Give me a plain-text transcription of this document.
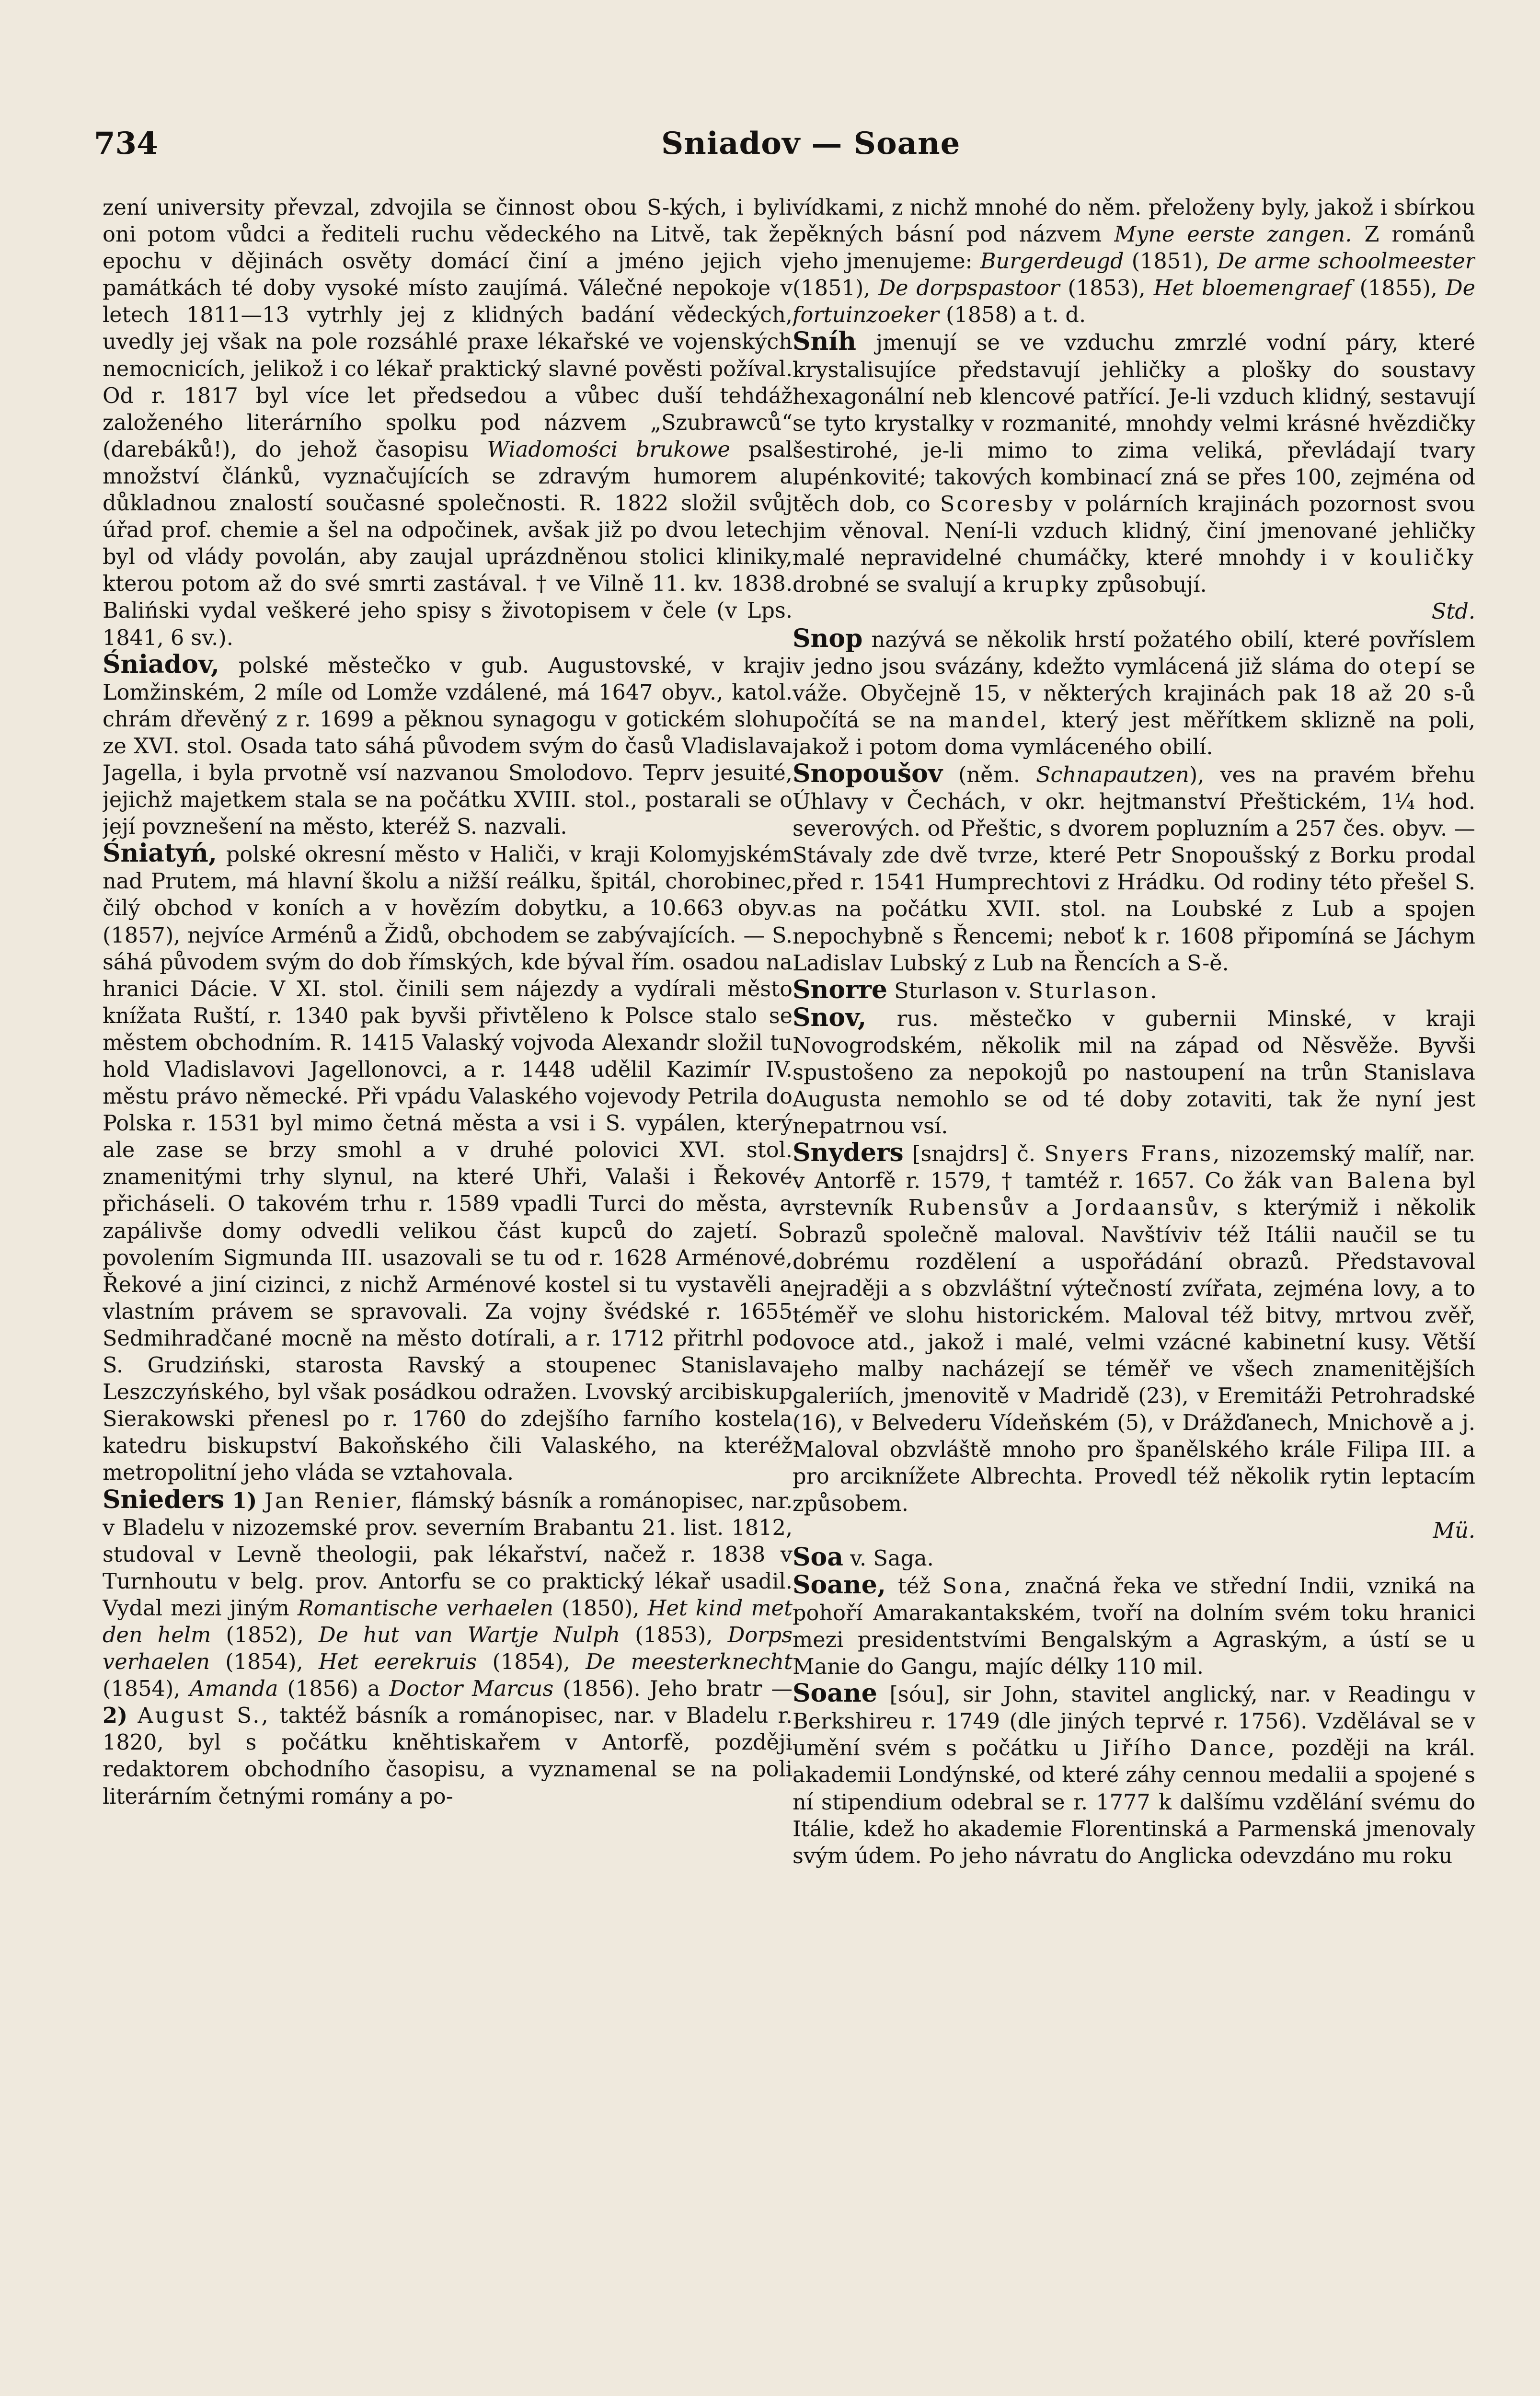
734	Sniadov — Soane

zení university převzal, zdvojila se činnost obou S-kých, i byli oni potom vůdci a řediteli ruchu vědeckého na Litvě, tak že epochu v dějinách osvěty domácí činí a jméno jejich v památkách té doby vysoké místo zaujímá. Válečné nepokoje v letech 1811—13 vytrhly jej z klidných badání vědeckých, uvedly jej však na pole rozsáhlé praxe lékařské ve vojenských nemocnicích, jelikož i co lékař praktický slavné pověsti požíval. Od r. 1817 byl více let předsedou a vůbec duší tehdáž založeného literárního spolku pod názvem „Szubrawců“ (darebáků!), do jehož časopisu Wiadomości brukowe psal množství článků, vyznačujících se zdravým humorem a důkladnou znalostí současné společnosti. R. 1822 složil svůj úřad prof. chemie a šel na odpočinek, avšak již po dvou letech byl od vlády povolán, aby zaujal uprázdněnou stolici kliniky, kterou potom až do své smrti zastával. † ve Vilně 11. kv. 1838. Baliński vydal veškeré jeho spisy s životopisem v čele (v Lps. 1841, 6 sv.).

Śniadov, polské městečko v gub. Augustovské, v kraji Lomžinském, 2 míle od Lomže vzdálené, má 1647 obyv., katol. chrám dřevěný z r. 1699 a pěknou synagogu v gotickém slohu ze XVI. stol. Osada tato sáhá původem svým do časů Vladislava Jagella, i byla prvotně vsí nazvanou Smolodovo. Teprv jesuité, jejichž majetkem stala se na počátku XVIII. stol., postarali se o její povznešení na město, kteréž S. nazvali.

Śniatyń, polské okresní město v Haliči, v kraji Kolomyjském nad Prutem, má hlavní školu a nižší reálku, špitál, chorobinec, čilý obchod v koních a v hovězím dobytku, a 10.663 obyv. (1857), nejvíce Arménů a Židů, obchodem se zabývajících. — S. sáhá původem svým do dob římských, kde býval řím. osadou na hranici Dácie. V XI. stol. činili sem nájezdy a vydírali město knížata Ruští, r. 1340 pak byvši přivtěleno k Polsce stalo se městem obchodním. R. 1415 Valaský vojvoda Alexandr složil tu hold Vladislavovi Jagellonovci, a r. 1448 udělil Kazimír IV. městu právo německé. Při vpádu Valaského vojevody Petrila do Polska r. 1531 byl mimo četná města a vsi i S. vypálen, který ale zase se brzy smohl a v druhé polovici XVI. stol. znamenitými trhy slynul, na které Uhři, Valaši i Řekové přicháseli. O takovém trhu r. 1589 vpadli Turci do města, a zapálivše domy odvedli velikou část kupců do zajetí. S povolením Sigmunda III. usazovali se tu od r. 1628 Arménové, Řekové a jiní cizinci, z nichž Arménové kostel si tu vystavěli a vlastním právem se spravovali. Za vojny švédské r. 1655 Sedmihradčané mocně na město dotírali, a r. 1712 přitrhl pod S. Grudziński, starosta Ravský a stoupenec Stanislava Leszczyńského, byl však posádkou odražen. Lvovský arcibiskup Sierakowski přenesl po r. 1760 do zdejšího farního kostela katedru biskupství Bakoňského čili Valaského, na kteréž metropolitní jeho vláda se vztahovala.

Snieders 1) Jan Renier, flámský básník a románopisec, nar. v Bladelu v nizozemské prov. severním Brabantu 21. list. 1812, studoval v Levně theologii, pak lékařství, načež r. 1838 v Turnhoutu v belg. prov. Antorfu se co praktický lékař usadil. Vydal mezi jiným Romantische verhaelen (1850), Het kind met den helm (1852), De hut van Wartje Nulph (1853), Dorps verhaelen (1854), Het eerekruis (1854), De meesterknecht (1854), Amanda (1856) a Doctor Marcus (1856). Jeho bratr — 2) August S., taktéž básník a románopisec, nar. v Bladelu r. 1820, byl s počátku knĕhtiskařem v Antorfě, později redaktorem obchodního časopisu, a vyznamenal se na poli literárním četnými romány a po-

vídkami, z nichž mnohé do něm. přeloženy byly, jakož i sbírkou pěkných básní pod názvem Myne eerste zangen. Z románů jeho jmenujeme: Burgerdeugd (1851), De arme schoolmeester (1851), De dorpspastoor (1853), Het bloemengraef (1855), De fortuinzoeker (1858) a t. d.

Sníh jmenují se ve vzduchu zmrzlé vodní páry, které krystalisujíce představují jehličky a plošky do soustavy hexagonální neb klencové patřící. Je-li vzduch klidný, sestavují se tyto krystalky v rozmanité, mnohdy velmi krásné hvězdičky šestirohé, je-li mimo to zima veliká, převládají tvary lupénkovité; takových kombinací zná se přes 100, zejména od těch dob, co Scoresby v polárních krajinách pozornost svou jim věnoval. Není-li vzduch klidný, činí jmenované jehličky malé nepravidelné chumáčky, které mnohdy i v kouličky drobné se svalují a krupky způsobují.

Std.

Snop nazývá se několik hrstí požatého obilí, které povříslem v jedno jsou svázány, kdežto vymlácená již sláma do otepí se váže. Obyčejně 15, v některých krajinách pak 18 až 20 s-ů počítá se na mandel, který jest měřítkem sklizně na poli, jakož i potom doma vymláceného obilí.

Snopoušov (něm. Schnapautzen), ves na pravém břehu Úhlavy v Čechách, v okr. hejtmanství Přeštickém, 1¼ hod. severových. od Přeštic, s dvorem popluzním a 257 čes. obyv. — Stávaly zde dvě tvrze, které Petr Snopoušský z Borku prodal před r. 1541 Humprechtovi z Hrádku. Od rodiny této přešel S. as na počátku XVII. stol. na Loubské z Lub a spojen nepochybně s Řencemi; neboť k r. 1608 připomíná se Jáchym Ladislav Lubský z Lub na Řencích a S-ě.

Snorre Sturlason v. Sturlason.

Snov, rus. městečko v gubernii Minské, v kraji Novogrodském, několik mil na západ od Něsvěže. Byvši spustošeno za nepokojů po nastoupení na trůn Stanislava Augusta nemohlo se od té doby zotaviti, tak že nyní jest nepatrnou vsí.

Snyders [snajdrs] č. Snyers Frans, nizozemský malíř, nar. v Antorfě r. 1579, † tamtéž r. 1657. Co žák van Balena byl vrstevník Rubensův a Jordaansův, s kterýmiž i několik obrazů společně maloval. Navštíviv též Itálii naučil se tu dobrému rozdělení a uspořádání obrazů. Představoval nejraději a s obzvláštní výtečností zvířata, zejména lovy, a to téměř ve slohu historickém. Maloval též bitvy, mrtvou zvěř, ovoce atd., jakož i malé, velmi vzácné kabinetní kusy. Větší jeho malby nacházejí se téměř ve všech znamenitějších galeriích, jmenovitě v Madridě (23), v Eremitáži Petrohradské (16), v Belvederu Vídeňském (5), v Drážďanech, Mnichově a j. Maloval obzvláště mnoho pro španělského krále Filipa III. a pro arciknížete Albrechta. Provedl též několik rytin leptacím způsobem.

Mü.

Soa v. Saga.

Soane, též Sona, značná řeka ve střední Indii, vzniká na pohoří Amarakantakském, tvoří na dolním svém toku hranici mezi presidentstvími Bengalským a Agraským, a ústí se u Manie do Gangu, majíc délky 110 mil.

Soane [sóu], sir John, stavitel anglický, nar. v Readingu v Berkshireu r. 1749 (dle jiných teprvé r. 1756). Vzdělával se v umění svém s počátku u Jiřího Dance, později na král. akademii Londýnské, od které záhy cennou medalii a spojené s ní stipendium odebral se r. 1777 k dalšímu vzdělání svému do Itálie, kdež ho akademie Florentinská a Parmenská jmenovaly svým údem. Po jeho návratu do Anglicka odevzdáno mu roku
